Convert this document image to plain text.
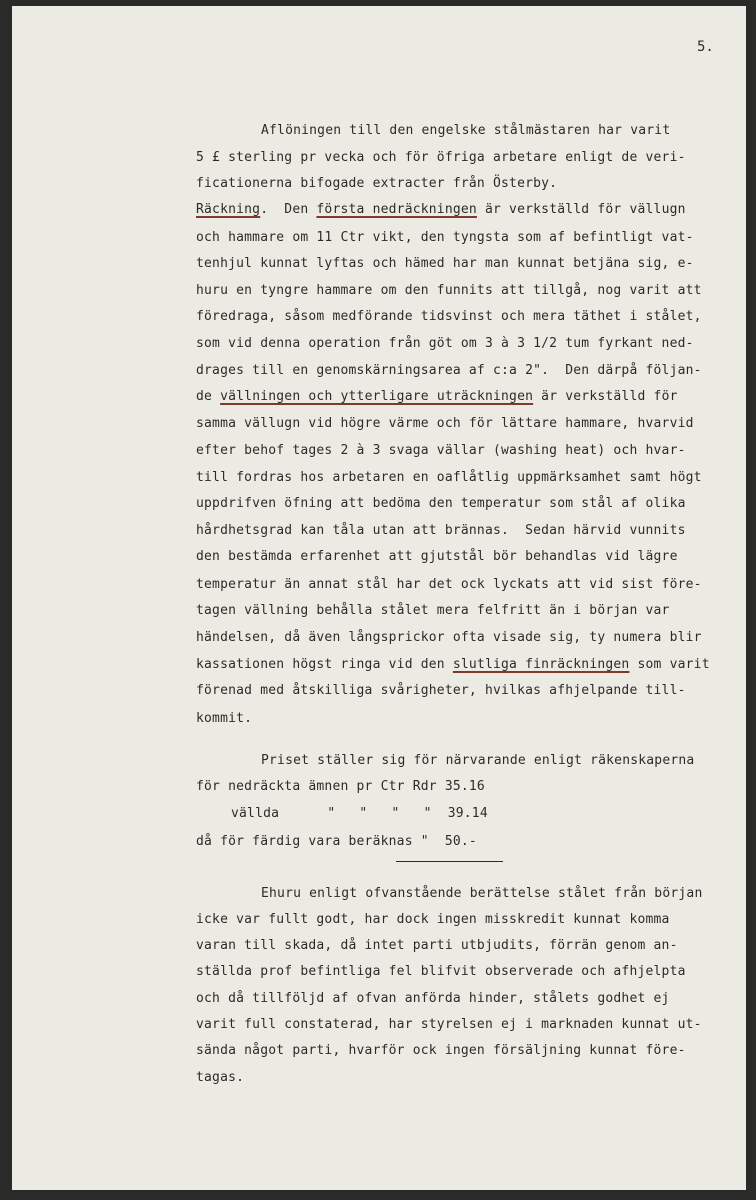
5.
Aflöningen till den engelske stålmästaren har varit
5 £ sterling pr vecka och för öfriga arbetare enligt de veri-
ficationerna bifogade extracter från Österby.
Räckning.  Den första nedräckningen är verkställd för vällugn
och hammare om 11 Ctr vikt, den tyngsta som af befintligt vat-
tenhjul kunnat lyftas och hämed har man kunnat betjäna sig, e-
huru en tyngre hammare om den funnits att tillgå, nog varit att
föredraga, såsom medförande tidsvinst och mera täthet i stålet,
som vid denna operation från göt om 3 à 3 1/2 tum fyrkant ned-
drages till en genomskärningsarea af c:a 2".  Den därpå följan-
de vällningen och ytterligare uträckningen är verkställd för
samma vällugn vid högre värme och för lättare hammare, hvarvid
efter behof tages 2 à 3 svaga vällar (washing heat) och hvar-
till fordras hos arbetaren en oaflåtlig uppmärksamhet samt högt
uppdrifven öfning att bedöma den temperatur som stål af olika
hårdhetsgrad kan tåla utan att brännas.  Sedan härvid vunnits
den bestämda erfarenhet att gjutstål bör behandlas vid lägre
temperatur än annat stål har det ock lyckats att vid sist före-
tagen vällning behålla stålet mera felfritt än i början var
händelsen, då även långsprickor ofta visade sig, ty numera blir
kassationen högst ringa vid den slutliga finräckningen som varit
förenad med åtskilliga svårigheter, hvilkas afhjelpande till-
kommit.
Priset ställer sig för närvarande enligt räkenskaperna
för nedräckta ämnen pr Ctr Rdr 35.16
vällda      "   "   "   "  39.14
då för färdig vara beräknas "  50.-
Ehuru enligt ofvanstående berättelse stålet från början
icke var fullt godt, har dock ingen misskredit kunnat komma
varan till skada, då intet parti utbjudits, förrän genom an-
ställda prof befintliga fel blifvit observerade och afhjelpta
och då tillföljd af ofvan anförda hinder, stålets godhet ej
varit full constaterad, har styrelsen ej i marknaden kunnat ut-
sända något parti, hvarför ock ingen försäljning kunnat före-
tagas.
